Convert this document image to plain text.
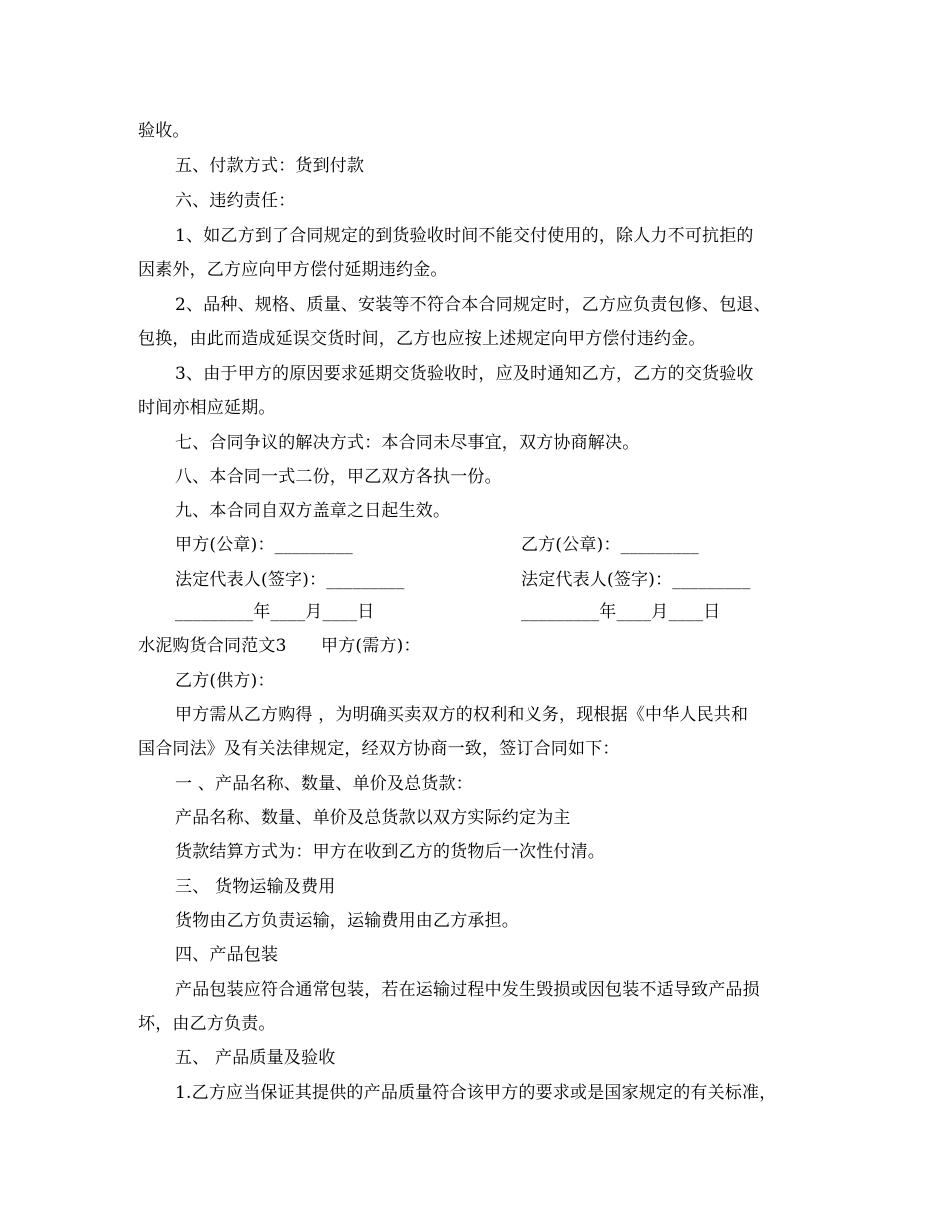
验收。
五、付款方式：货到付款
六、违约责任：
1、如乙方到了合同规定的到货验收时间不能交付使用的，除人力不可抗拒的
因素外，乙方应向甲方偿付延期违约金。
2、品种、规格、质量、安装等不符合本合同规定时，乙方应负责包修、包退、
包换，由此而造成延误交货时间，乙方也应按上述规定向甲方偿付违约金。
3、由于甲方的原因要求延期交货验收时，应及时通知乙方，乙方的交货验收
时间亦相应延期。
七、合同争议的解决方式：本合同未尽事宜，双方协商解决。
八、本合同一式二份，甲乙双方各执一份。
九、本合同自双方盖章之日起生效。
甲方(公章)：_________	乙方(公章)：_________
法定代表人(签字)：_________	法定代表人(签字)：_________
_________年____月____日	_________年____月____日
水泥购货合同范文3　　甲方(需方)：
乙方(供方)：
甲方需从乙方购得 ，为明确买卖双方的权利和义务，现根据《中华人民共和
国合同法》及有关法律规定，经双方协商一致，签订合同如下：
一 、产品名称、数量、单价及总货款：
产品名称、数量、单价及总货款以双方实际约定为主
货款结算方式为：甲方在收到乙方的货物后一次性付清。
三、 货物运输及费用
货物由乙方负责运输，运输费用由乙方承担。
四、产品包装
产品包装应符合通常包装，若在运输过程中发生毁损或因包装不适导致产品损
坏，由乙方负责。
五、 产品质量及验收
1.乙方应当保证其提供的产品质量符合该甲方的要求或是国家规定的有关标准，
